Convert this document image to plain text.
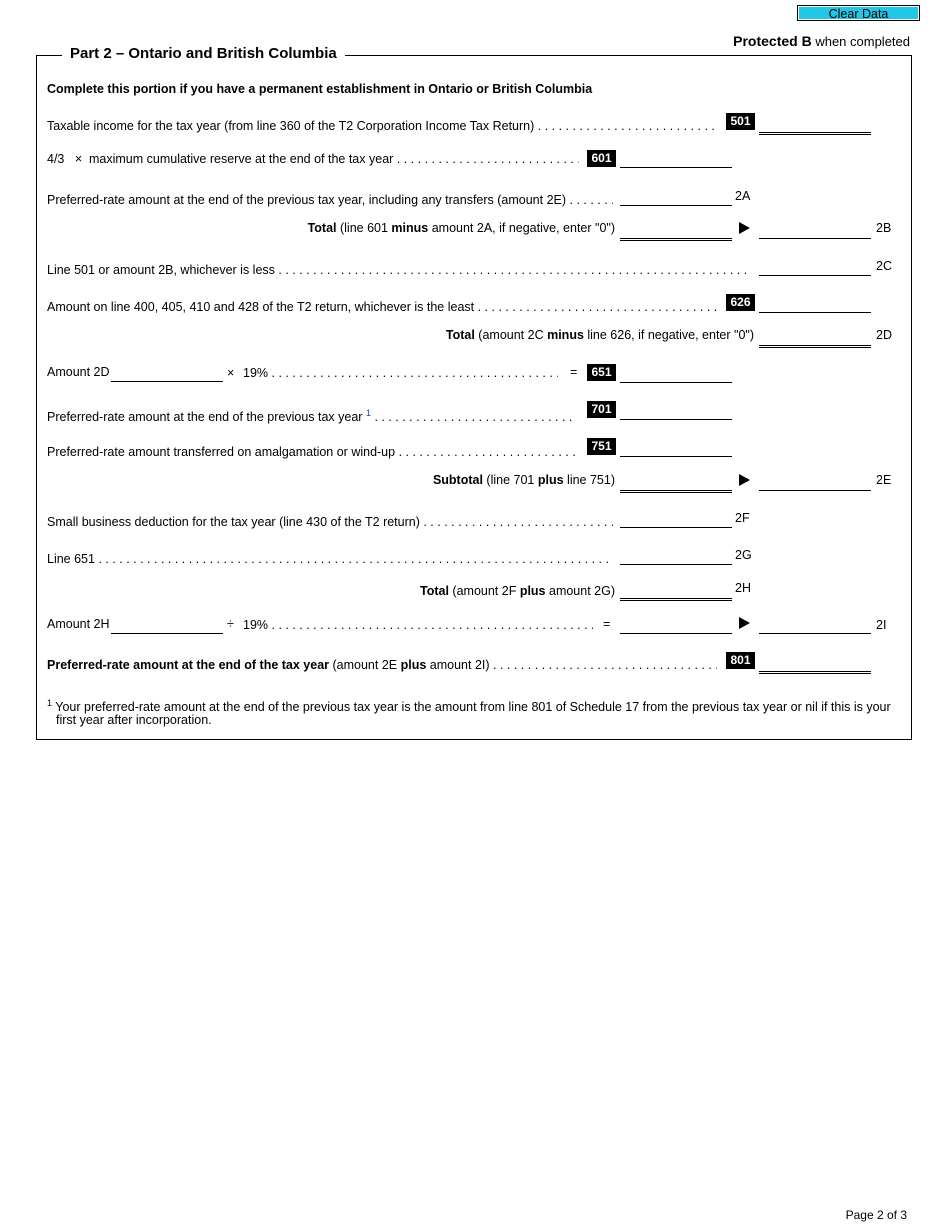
Clear Data
Protected B when completed
Part 2 – Ontario and British Columbia
Complete this portion if you have a permanent establishment in Ontario or British Columbia
Taxable income for the tax year (from line 360 of the T2 Corporation Income Tax Return) . . .	501
4/3 × maximum cumulative reserve at the end of the tax year . . .	601
Preferred-rate amount at the end of the previous tax year, including any transfers (amount 2E) . . .	2A
Total (line 601 minus amount 2A, if negative, enter "0")	2B
Line 501 or amount 2B, whichever is less . . .	2C
Amount on line 400, 405, 410 and 428 of the T2 return, whichever is the least . . .	626
Total (amount 2C minus line 626, if negative, enter "0")	2D
Amount 2D	× 19% . . .	=	651
Preferred-rate amount at the end of the previous tax year $^1$ . . .	701
Preferred-rate amount transferred on amalgamation or wind-up . . .	751
Subtotal (line 701 plus line 751)	2E
Small business deduction for the tax year (line 430 of the T2 return) . . .	2F
Line 651 . . .	2G
Total (amount 2F plus amount 2G)	2H
Amount 2H	÷ 19% . . .	=	2I
Preferred-rate amount at the end of the tax year (amount 2E plus amount 2I) . . .	801
$^1$ Your preferred-rate amount at the end of the previous tax year is the amount from line 801 of Schedule 17 from the previous tax year or nil if this is your
first year after incorporation.
Page 2 of 3
